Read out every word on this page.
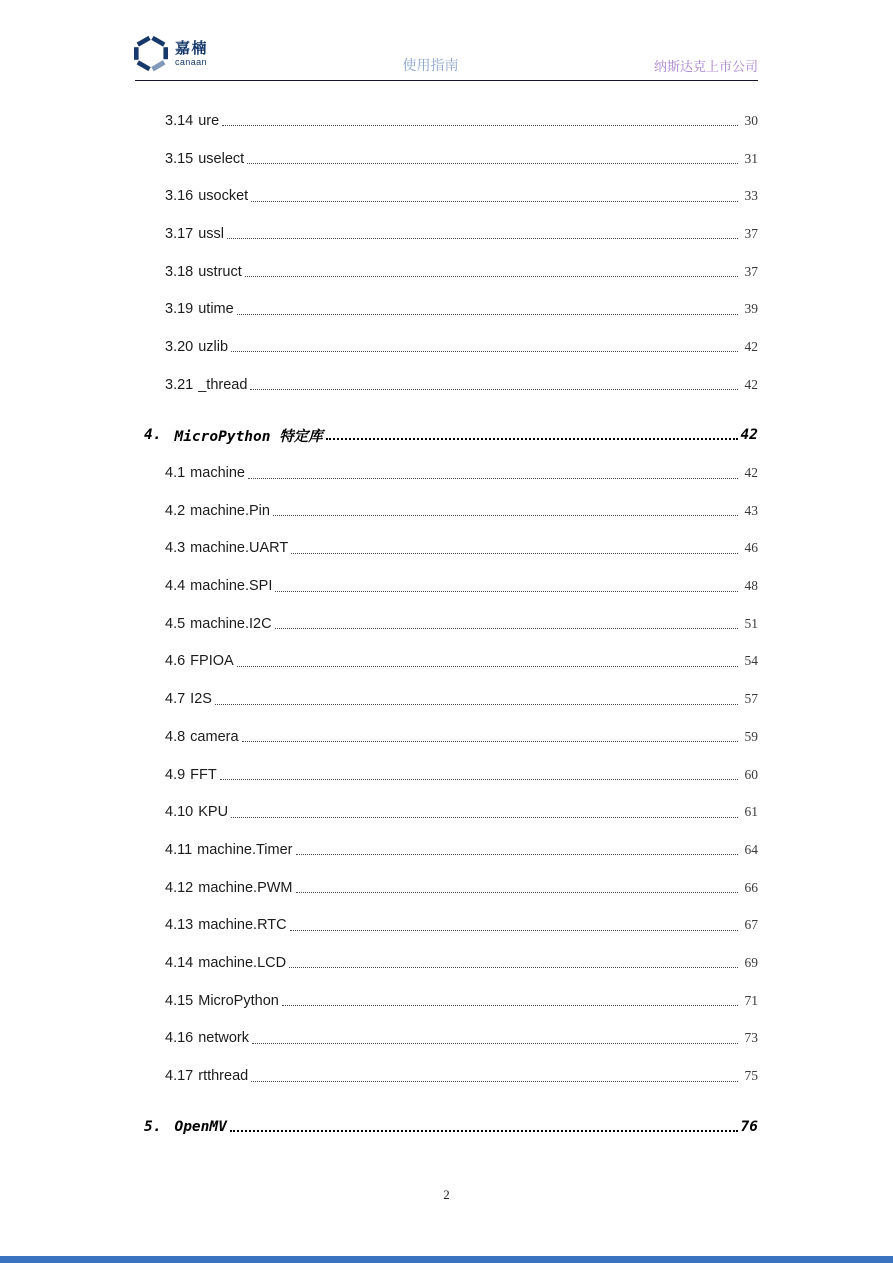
嘉楠
canaan	使用指南	纳斯达克上市公司
3.14 ure	30
3.15 uselect	31
3.16 usocket	33
3.17 ussl	37
3.18 ustruct	37
3.19 utime	39
3.20 uzlib	42
3.21 _thread	42
4. MicroPython 特定库	42
4.1 machine	42
4.2 machine.Pin	43
4.3 machine.UART	46
4.4 machine.SPI	48
4.5 machine.I2C	51
4.6 FPIOA	54
4.7 I2S	57
4.8 camera	59
4.9 FFT	60
4.10 KPU	61
4.11 machine.Timer	64
4.12 machine.PWM	66
4.13 machine.RTC	67
4.14 machine.LCD	69
4.15 MicroPython	71
4.16 network	73
4.17 rtthread	75
5. OpenMV	76
2
